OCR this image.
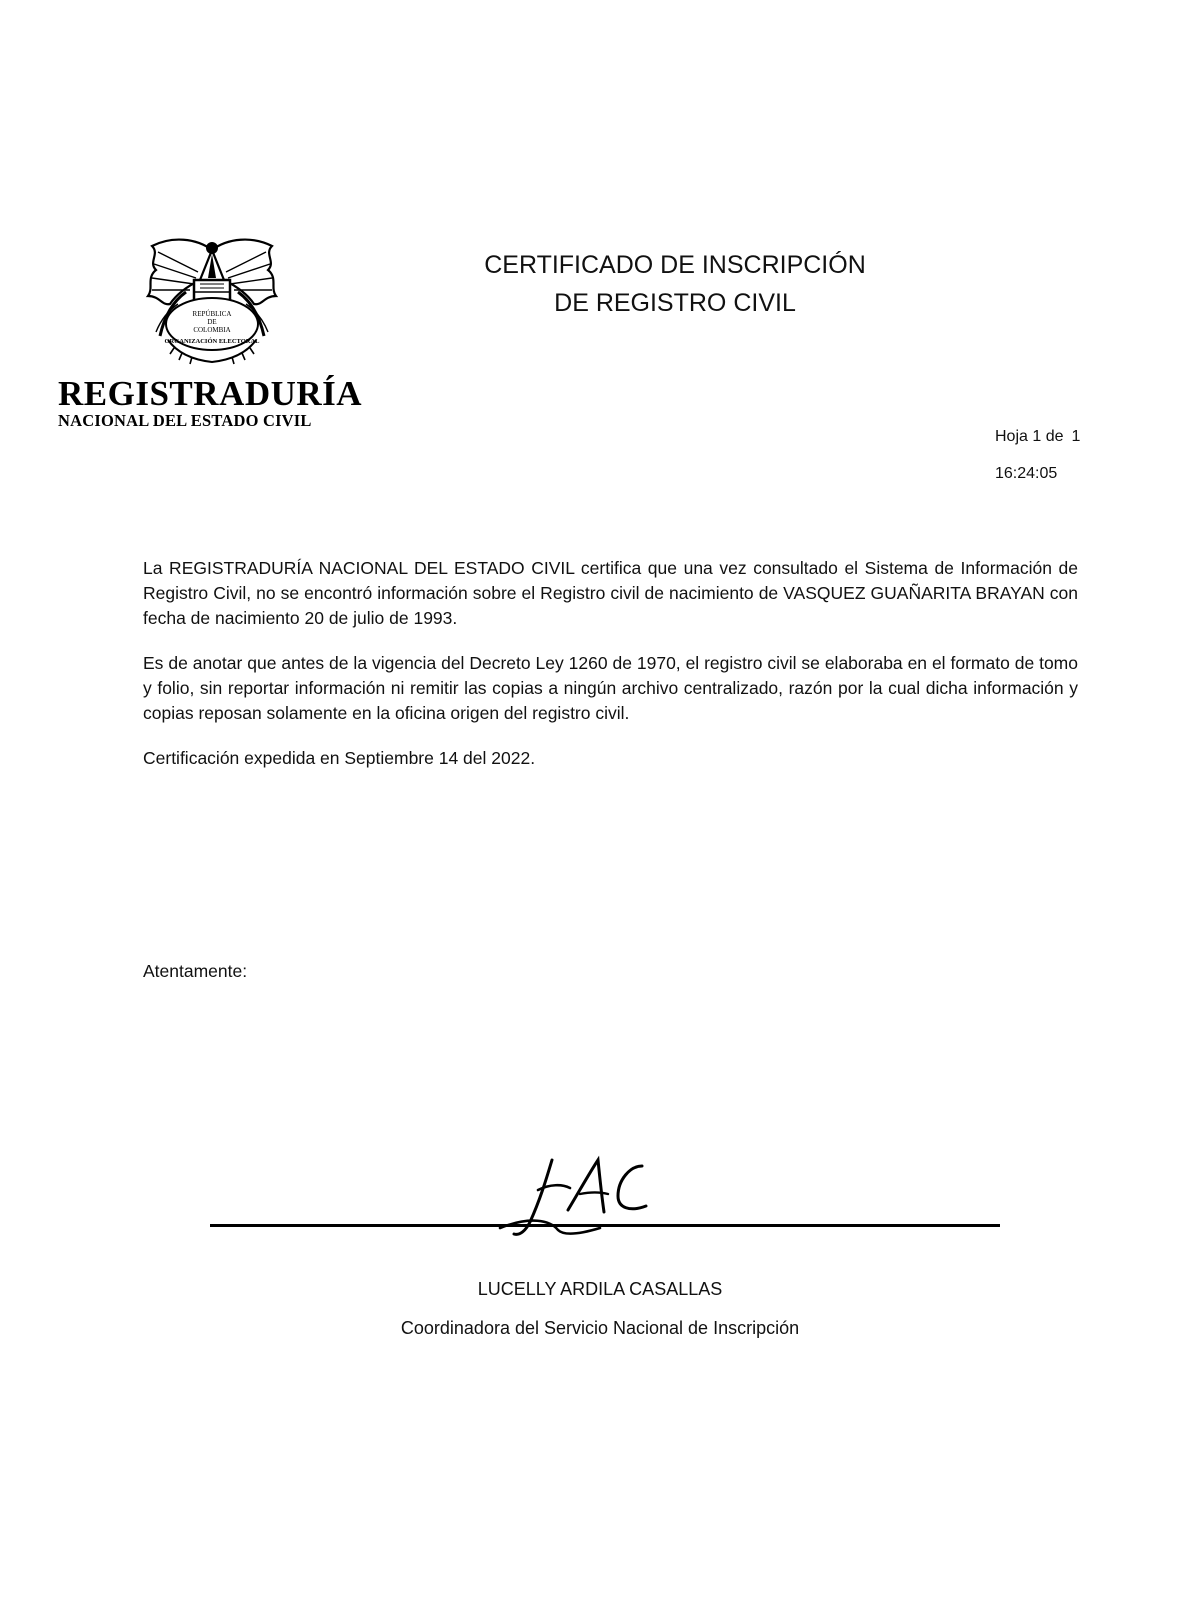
REPÚBLICA
DE
COLOMBIA
ORGANIZACIÓN ELECTORAL
REGISTRADURÍA
NACIONAL DEL ESTADO CIVIL
CERTIFICADO DE INSCRIPCIÓN
DE REGISTRO CIVIL
Hoja 1 de 1
16:24:05

La REGISTRADURÍA NACIONAL DEL ESTADO CIVIL certifica que una vez consultado el Sistema de Información de Registro Civil, no se encontró información sobre el Registro civil de nacimiento de VASQUEZ GUAÑARITA BRAYAN con fecha de nacimiento 20 de julio de 1993.

Es de anotar que antes de la vigencia del Decreto Ley 1260 de 1970, el registro civil se elaboraba en el formato de tomo y folio, sin reportar información ni remitir las copias a ningún archivo centralizado, razón por la cual dicha información y copias reposan solamente en la oficina origen del registro civil.

Certificación expedida en Septiembre 14 del 2022.

Atentamente:
LUCELLY ARDILA CASALLAS
Coordinadora del Servicio Nacional de Inscripción
